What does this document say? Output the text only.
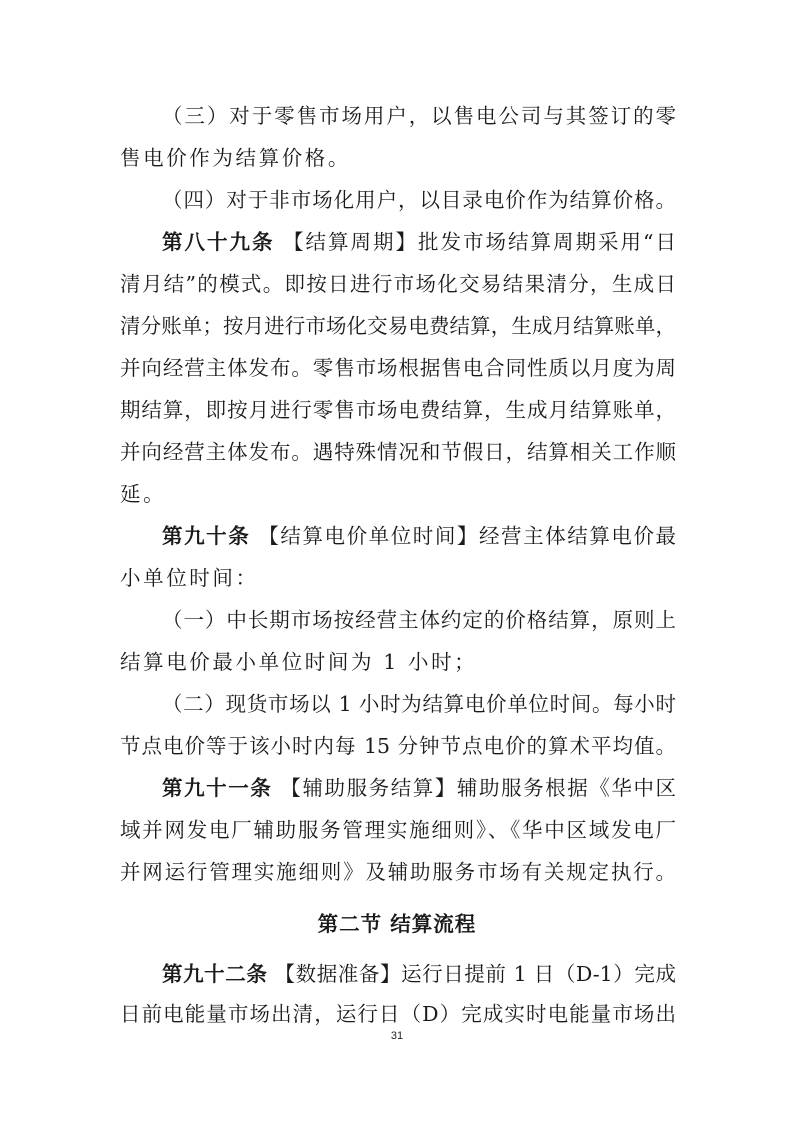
（三）对于零售市场用户，以售电公司与其签订的零
售电价作为结算价格。
（四）对于非市场化用户，以目录电价作为结算价格。
第八十九条 【结算周期】批发市场结算周期采用“日
清月结”的模式。即按日进行市场化交易结果清分，生成日
清分账单；按月进行市场化交易电费结算，生成月结算账单，
并向经营主体发布。零售市场根据售电合同性质以月度为周
期结算，即按月进行零售市场电费结算，生成月结算账单，
并向经营主体发布。遇特殊情况和节假日，结算相关工作顺
延。
第九十条 【结算电价单位时间】经营主体结算电价最
小单位时间：
（一）中长期市场按经营主体约定的价格结算，原则上
结算电价最小单位时间为 1 小时；
（二）现货市场以 1 小时为结算电价单位时间。每小时
节点电价等于该小时内每 15 分钟节点电价的算术平均值。
第九十一条 【辅助服务结算】辅助服务根据《华中区
域并网发电厂辅助服务管理实施细则》、《华中区域发电厂
并网运行管理实施细则》及辅助服务市场有关规定执行。
第二节 结算流程
第九十二条 【数据准备】运行日提前 1 日（D-1）完成
日前电能量市场出清，运行日（D）完成实时电能量市场出
31
